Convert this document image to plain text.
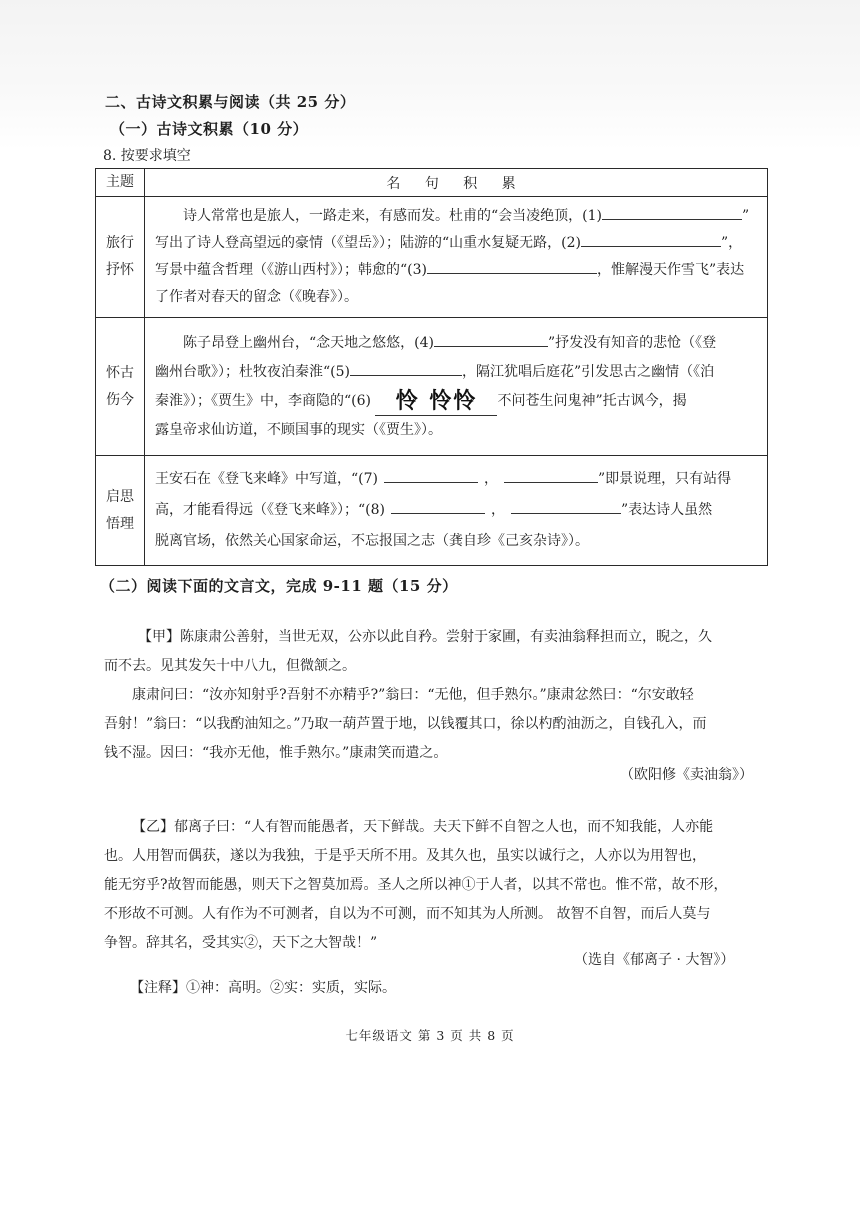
二、古诗文积累与阅读（共 25 分）
（一）古诗文积累（10 分）
8. 按要求填空
主题	名 句 积 累

旅行
抒怀	诗人常常也是旅人，一路走来，有感而发。杜甫的“会当凌绝顶，(1) ”
写出了诗人登高望远的豪情（《望岳》）；陆游的“山重水复疑无路，(2) ”，
写景中蕴含哲理（《游山西村》）；韩愈的“(3) ，惟解漫天作雪飞”表达
了作者对春天的留念（《晚春》）。

怀古
伤今	陈子昂登上幽州台，“念天地之悠悠，(4) ”抒发没有知音的悲怆（《登
幽州台歌》）；杜牧夜泊秦淮“(5) ，隔江犹唱后庭花”引发思古之幽情（《泊
秦淮》）；《贾生》中，李商隐的“(6) 怜 怜怜 不问苍生问鬼神”托古讽今，揭
露皇帝求仙访道，不顾国事的现实（《贾生》）。

启思
悟理	王安石在《登飞来峰》中写道，“(7) ， ”即景说理，只有站得
高，才能看得远（《登飞来峰》）；“(8) ， ”表达诗人虽然
脱离官场，依然关心国家命运，不忘报国之志（龚自珍《己亥杂诗》）。
（二）阅读下面的文言文，完成 9-11 题（15 分）

【甲】陈康肃公善射，当世无双，公亦以此自矜。尝射于家圃，有卖油翁释担而立，睨之，久

而不去。见其发矢十中八九，但微颔之。

康肃问曰：“汝亦知射乎?吾射不亦精乎?”翁曰：“无他，但手熟尔。”康肃忿然曰：“尔安敢轻

吾射！”翁曰：“以我酌油知之。”乃取一葫芦置于地，以钱覆其口，徐以杓酌油沥之，自钱孔入，而

钱不湿。因曰：“我亦无他，惟手熟尔。”康肃笑而遣之。

（欧阳修《卖油翁》）

【乙】郁离子曰：“人有智而能愚者，天下鲜哉。夫天下鲜不自智之人也，而不知我能，人亦能

也。人用智而偶获，遂以为我独，于是乎天所不用。及其久也，虽实以诚行之，人亦以为用智也，

能无穷乎?故智而能愚，则天下之智莫加焉。圣人之所以神①于人者，以其不常也。惟不常，故不形，

不形故不可测。人有作为不可测者，自以为不可测，而不知其为人所测。 故智不自智，而后人莫与

争智。辞其名，受其实②，天下之大智哉！”

（选自《郁离子 · 大智》）
【注释】①神：高明。②实：实质，实际。
七年级语文 第 3 页 共 8 页
